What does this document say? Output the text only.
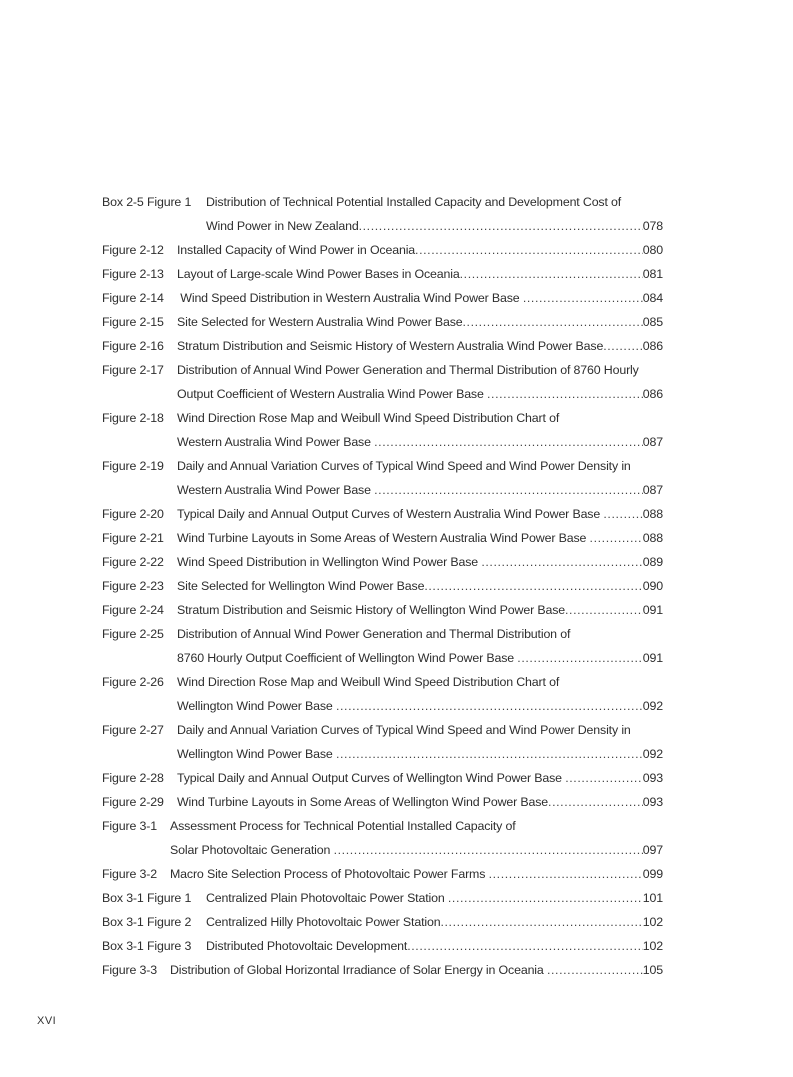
Box 2-5 Figure 1 Distribution of Technical Potential Installed Capacity and Development Cost of
Wind Power in New Zealand .....	078
Figure 2-12 Installed Capacity of Wind Power in Oceania .....	080
Figure 2-13 Layout of Large-scale Wind Power Bases in Oceania .....	081
Figure 2-14 Wind Speed Distribution in Western Australia Wind Power Base .....	084
Figure 2-15 Site Selected for Western Australia Wind Power Base .....	085
Figure 2-16 Stratum Distribution and Seismic History of Western Australia Wind Power Base .....	086
Figure 2-17 Distribution of Annual Wind Power Generation and Thermal Distribution of 8760 Hourly
Output Coefficient of Western Australia Wind Power Base .....	086
Figure 2-18 Wind Direction Rose Map and Weibull Wind Speed Distribution Chart of
Western Australia Wind Power Base .....	087
Figure 2-19 Daily and Annual Variation Curves of Typical Wind Speed and Wind Power Density in
Western Australia Wind Power Base .....	087
Figure 2-20 Typical Daily and Annual Output Curves of Western Australia Wind Power Base .....	088
Figure 2-21 Wind Turbine Layouts in Some Areas of Western Australia Wind Power Base .....	088
Figure 2-22 Wind Speed Distribution in Wellington Wind Power Base .....	089
Figure 2-23 Site Selected for Wellington Wind Power Base .....	090
Figure 2-24 Stratum Distribution and Seismic History of Wellington Wind Power Base .....	091
Figure 2-25 Distribution of Annual Wind Power Generation and Thermal Distribution of
8760 Hourly Output Coefficient of Wellington Wind Power Base .....	091
Figure 2-26 Wind Direction Rose Map and Weibull Wind Speed Distribution Chart of
Wellington Wind Power Base .....	092
Figure 2-27 Daily and Annual Variation Curves of Typical Wind Speed and Wind Power Density in
Wellington Wind Power Base .....	092
Figure 2-28 Typical Daily and Annual Output Curves of Wellington Wind Power Base .....	093
Figure 2-29 Wind Turbine Layouts in Some Areas of Wellington Wind Power Base .....	093
Figure 3-1 Assessment Process for Technical Potential Installed Capacity of
Solar Photovoltaic Generation .....	097
Figure 3-2 Macro Site Selection Process of Photovoltaic Power Farms .....	099
Box 3-1 Figure 1 Centralized Plain Photovoltaic Power Station .....	101
Box 3-1 Figure 2 Centralized Hilly Photovoltaic Power Station .....	102
Box 3-1 Figure 3 Distributed Photovoltaic Development .....	102
Figure 3-3 Distribution of Global Horizontal Irradiance of Solar Energy in Oceania .....	105
XVI
